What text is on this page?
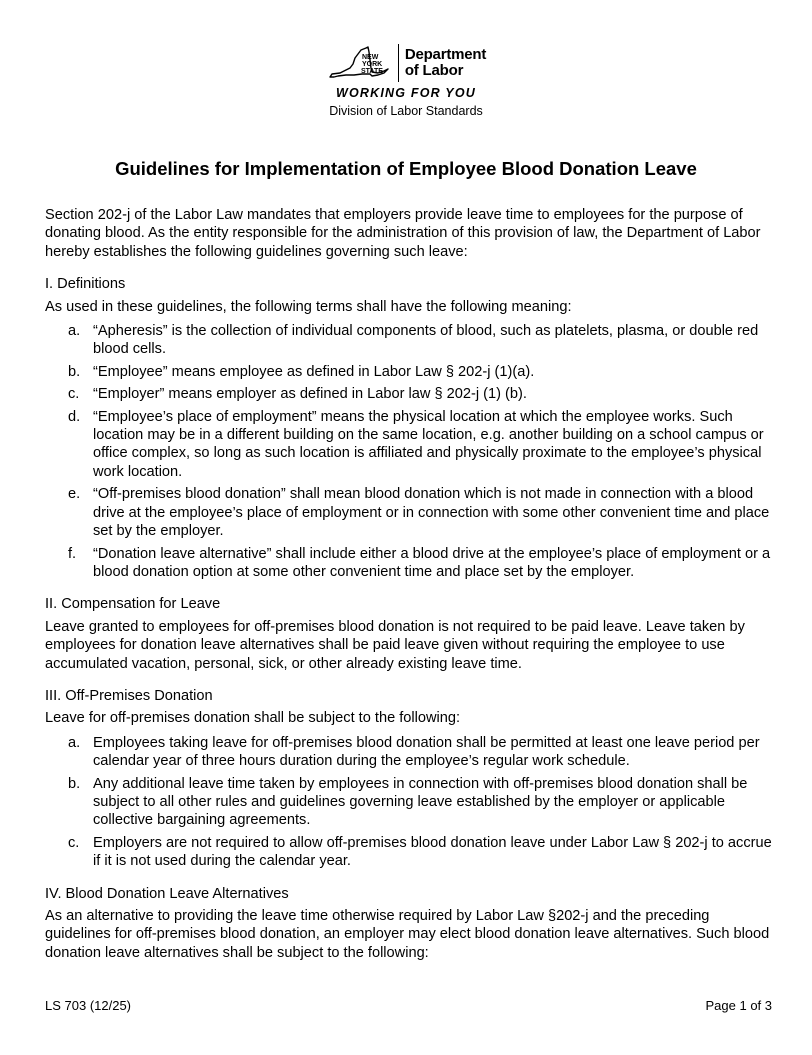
NEW
YORK
STATE
Department
of Labor
WORKING FOR YOU
Division of Labor Standards
Guidelines for Implementation of Employee Blood Donation Leave

Section 202-j of the Labor Law mandates that employers provide leave time to employees for the purpose of donating blood. As the entity responsible for the administration of this provision of law, the Department of Labor hereby establishes the following guidelines governing such leave:

I. Definitions

As used in these guidelines, the following terms shall have the following meaning:

a. “Apheresis” is the collection of individual components of blood, such as platelets, plasma, or double red blood cells.
b. “Employee” means employee as defined in Labor Law § 202-j (1)(a).
c. “Employer” means employer as defined in Labor law § 202-j (1) (b).
d. “Employee’s place of employment” means the physical location at which the employee works. Such location may be in a different building on the same location, e.g. another building on a school campus or office complex, so long as such location is affiliated and physically proximate to the employee’s physical work location.
e. “Off-premises blood donation” shall mean blood donation which is not made in connection with a blood drive at the employee’s place of employment or in connection with some other convenient time and place set by the employer.
f. “Donation leave alternative” shall include either a blood drive at the employee’s place of employment or a blood donation option at some other convenient time and place set by the employer.

II. Compensation for Leave

Leave granted to employees for off-premises blood donation is not required to be paid leave. Leave taken by employees for donation leave alternatives shall be paid leave given without requiring the employee to use accumulated vacation, personal, sick, or other already existing leave time.

III. Off-Premises Donation

Leave for off-premises donation shall be subject to the following:

a. Employees taking leave for off-premises blood donation shall be permitted at least one leave period per calendar year of three hours duration during the employee’s regular work schedule.
b. Any additional leave time taken by employees in connection with off-premises blood donation shall be subject to all other rules and guidelines governing leave established by the employer or applicable collective bargaining agreements.
c. Employers are not required to allow off-premises blood donation leave under Labor Law § 202-j to accrue if it is not used during the calendar year.

IV. Blood Donation Leave Alternatives

As an alternative to providing the leave time otherwise required by Labor Law §202-j and the preceding guidelines for off-premises blood donation, an employer may elect blood donation leave alternatives. Such blood donation leave alternatives shall be subject to the following:

LS 703 (12/25)	Page 1 of 3
